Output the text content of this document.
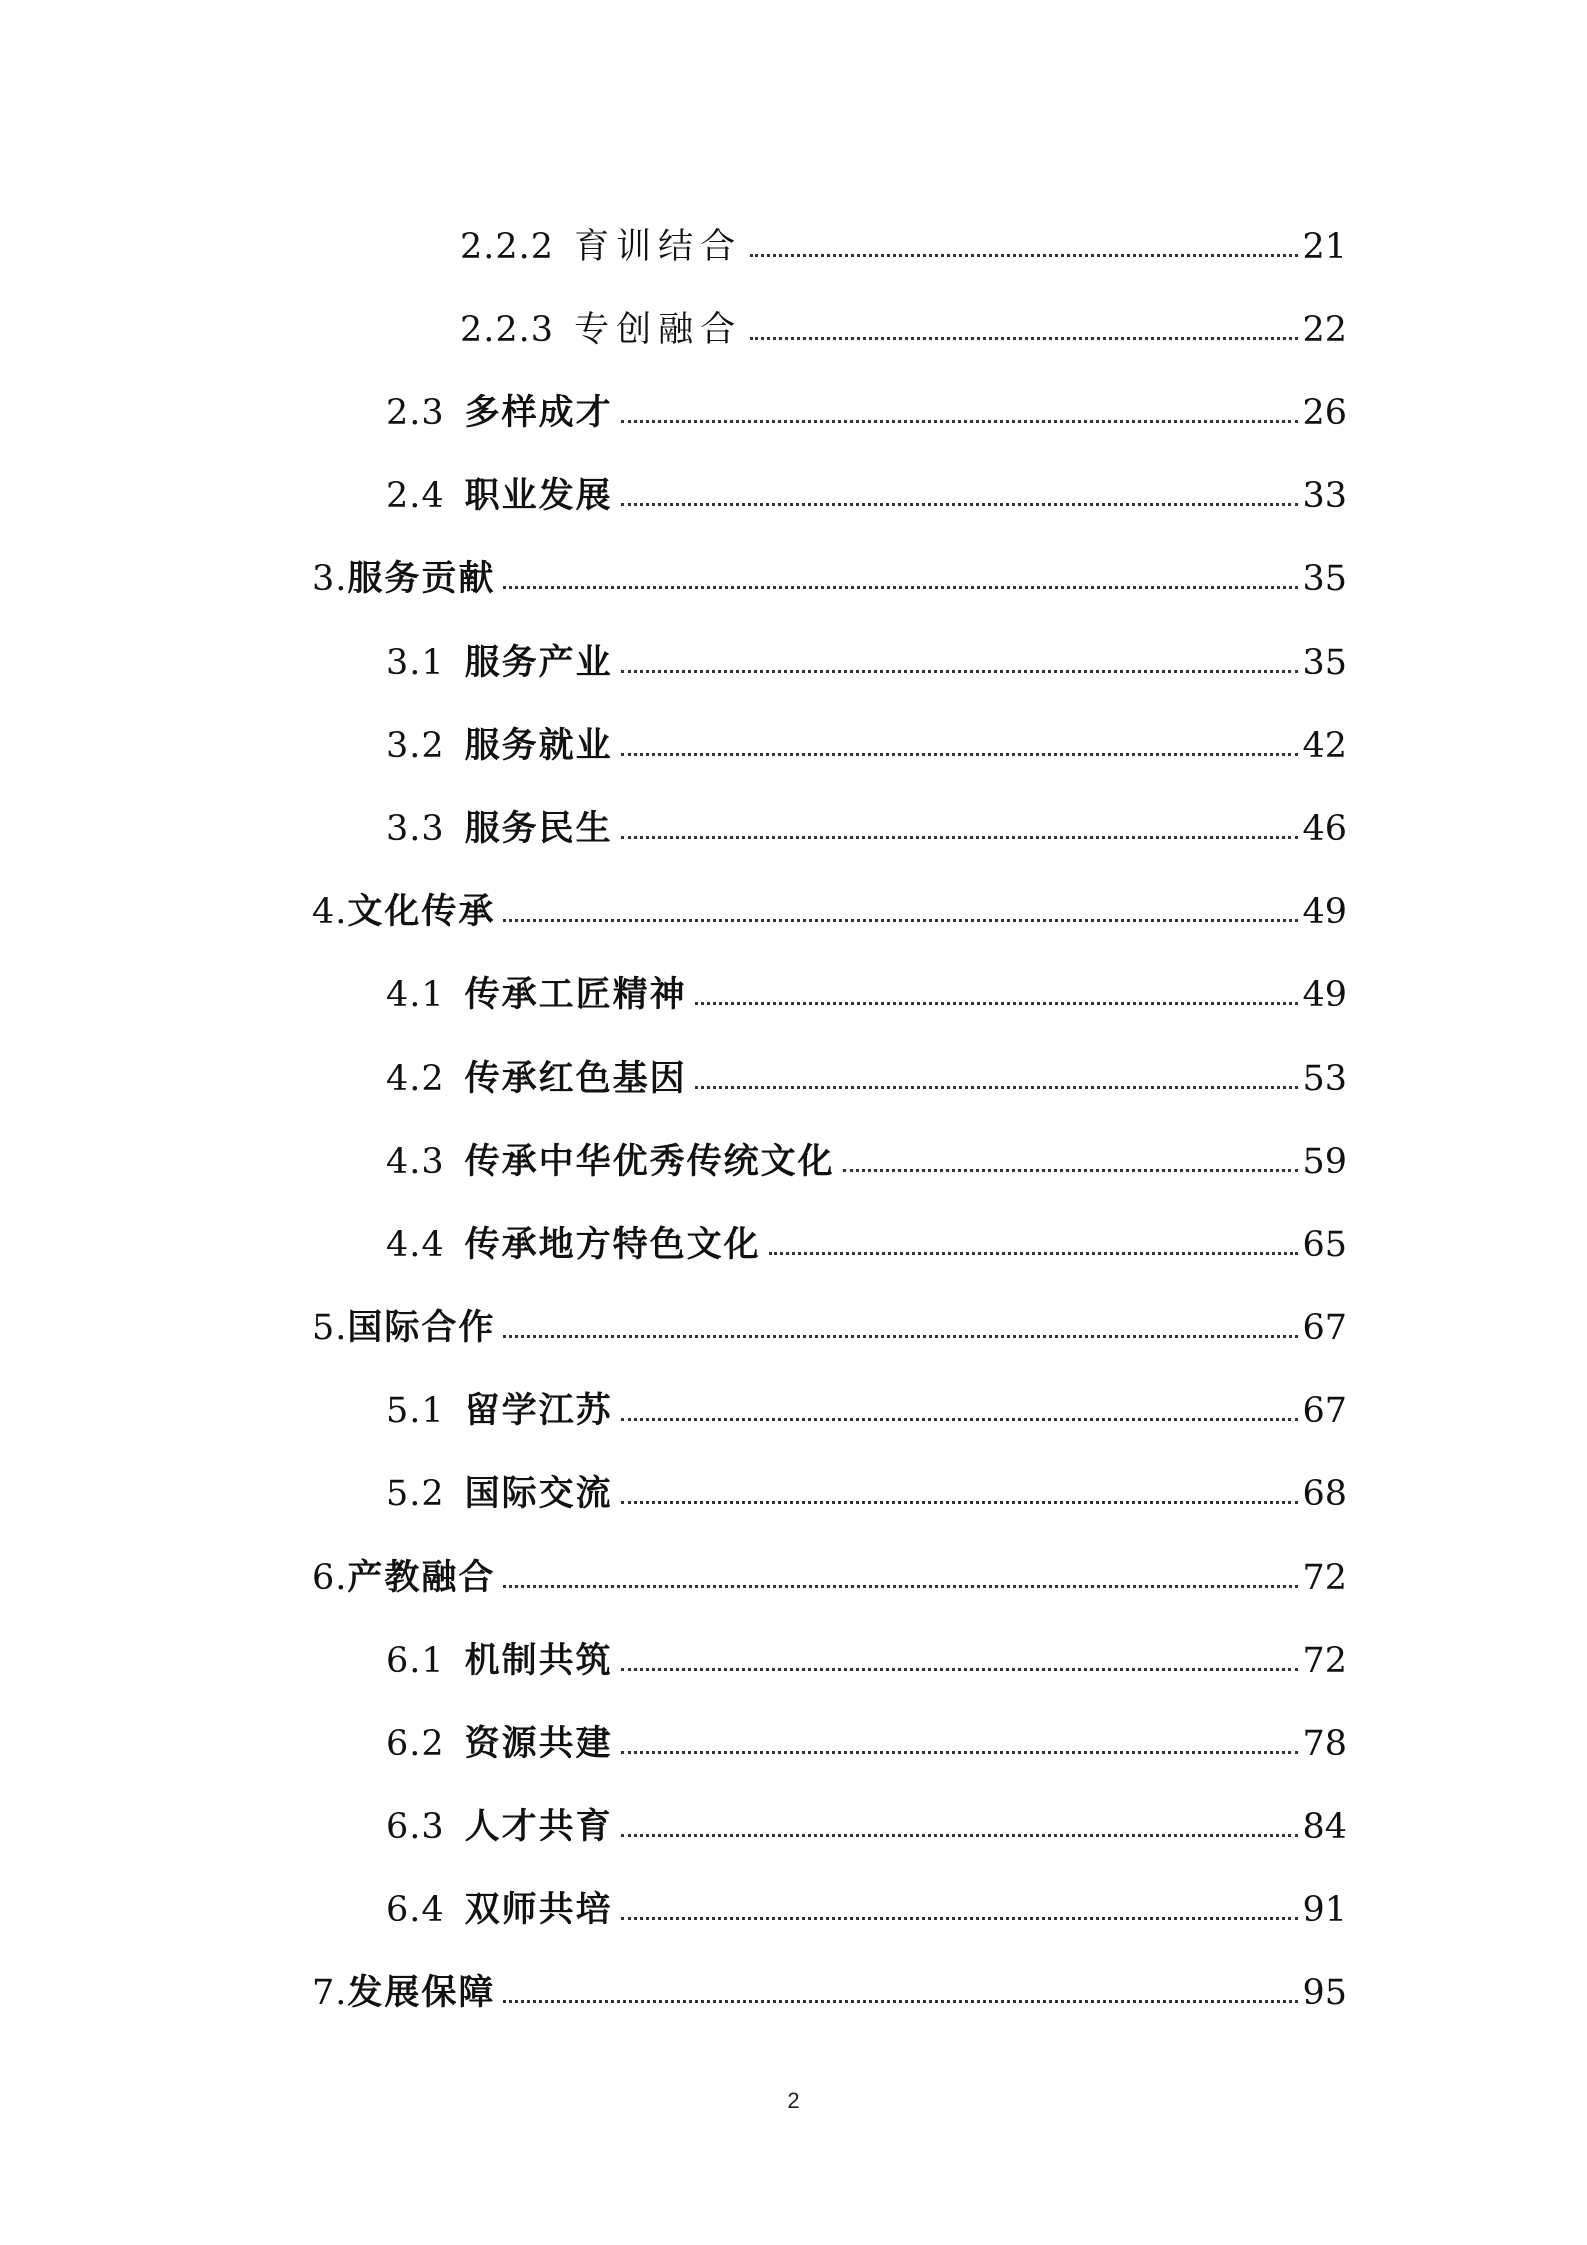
2.2.2 育训结合	21
2.2.3 专创融合	22
2.3 多样成才	26
2.4 职业发展	33
3. 服务贡献	35
3.1 服务产业	35
3.2 服务就业	42
3.3 服务民生	46
4. 文化传承	49
4.1 传承工匠精神	49
4.2 传承红色基因	53
4.3 传承中华优秀传统文化	59
4.4 传承地方特色文化	65
5. 国际合作	67
5.1 留学江苏	67
5.2 国际交流	68
6. 产教融合	72
6.1 机制共筑	72
6.2 资源共建	78
6.3 人才共育	84
6.4 双师共培	91
7. 发展保障	95
2
